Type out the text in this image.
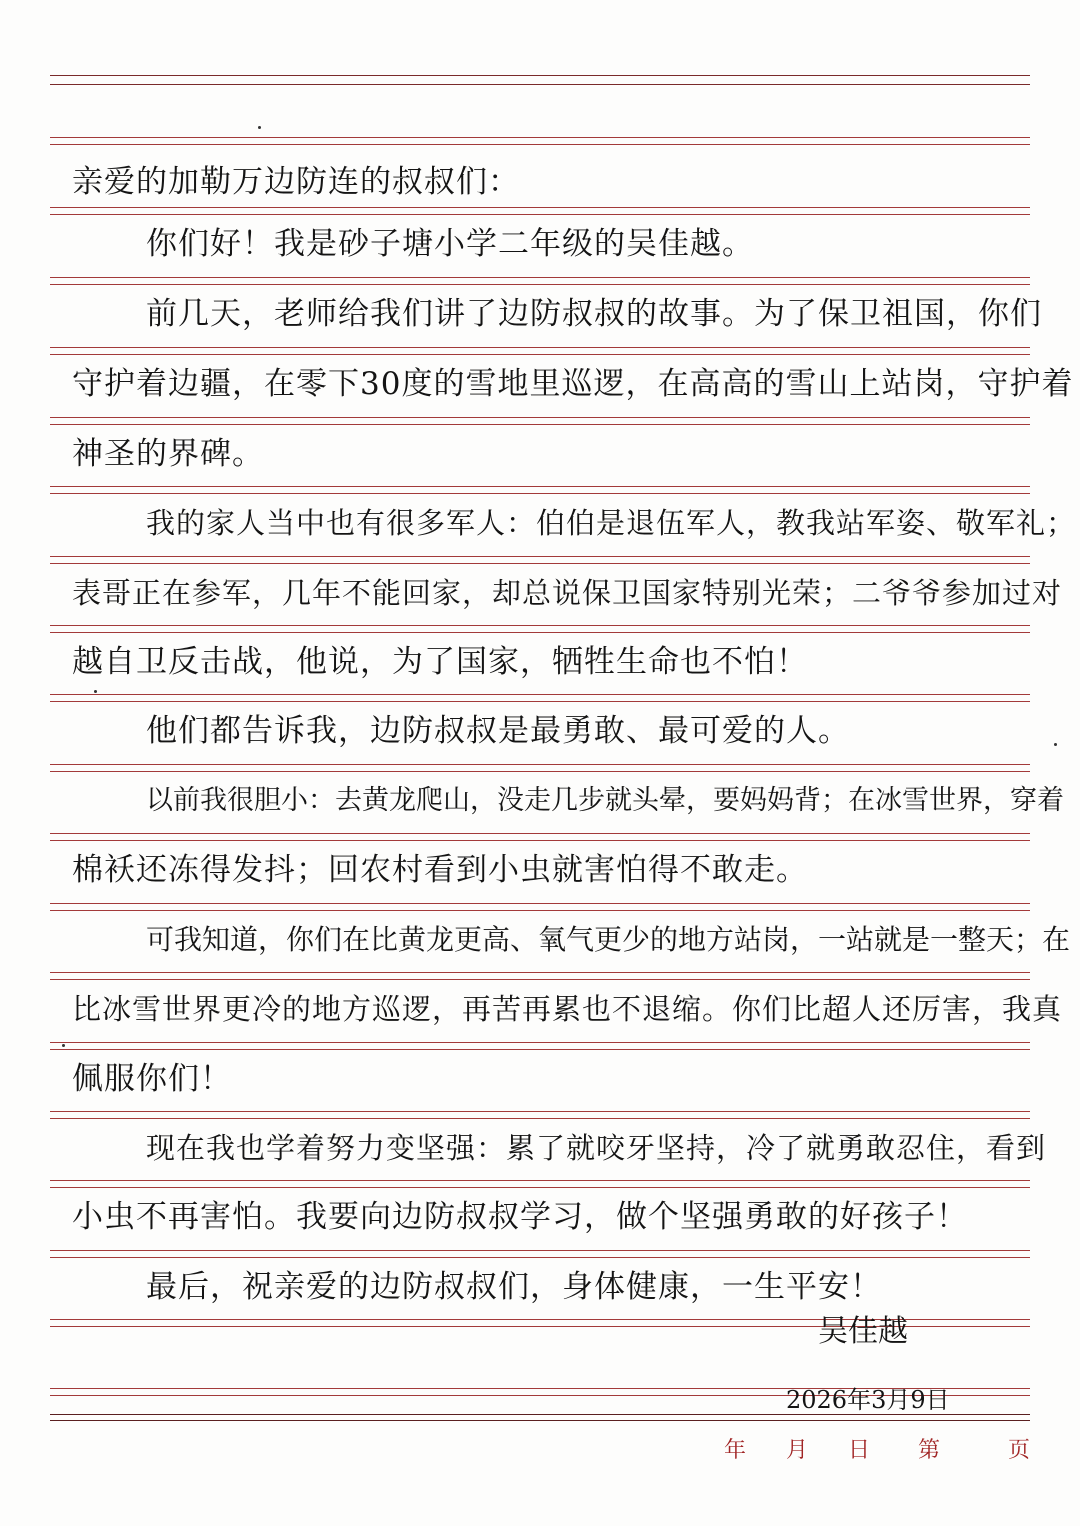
亲爱的加勒万边防连的叔叔们：
你们好！我是砂子塘小学二年级的吴佳越。
前几天，老师给我们讲了边防叔叔的故事。为了保卫祖国，你们
守护着边疆，在零下30度的雪地里巡逻，在高高的雪山上站岗，守护着
神圣的界碑。
我的家人当中也有很多军人：伯伯是退伍军人，教我站军姿、敬军礼；
表哥正在参军，几年不能回家，却总说保卫国家特别光荣；二爷爷参加过对
越自卫反击战，他说，为了国家，牺牲生命也不怕！
他们都告诉我，边防叔叔是最勇敢、最可爱的人。
以前我很胆小：去黄龙爬山，没走几步就头晕，要妈妈背；在冰雪世界，穿着
棉袄还冻得发抖；回农村看到小虫就害怕得不敢走。
可我知道，你们在比黄龙更高、氧气更少的地方站岗，一站就是一整天；在
比冰雪世界更冷的地方巡逻，再苦再累也不退缩。你们比超人还厉害，我真
佩服你们！
现在我也学着努力变坚强：累了就咬牙坚持，冷了就勇敢忍住，看到
小虫不再害怕。我要向边防叔叔学习，做个坚强勇敢的好孩子！
最后，祝亲爱的边防叔叔们，身体健康，一生平安！
吴佳越
2026年3月9日
年 月 日 第	页
